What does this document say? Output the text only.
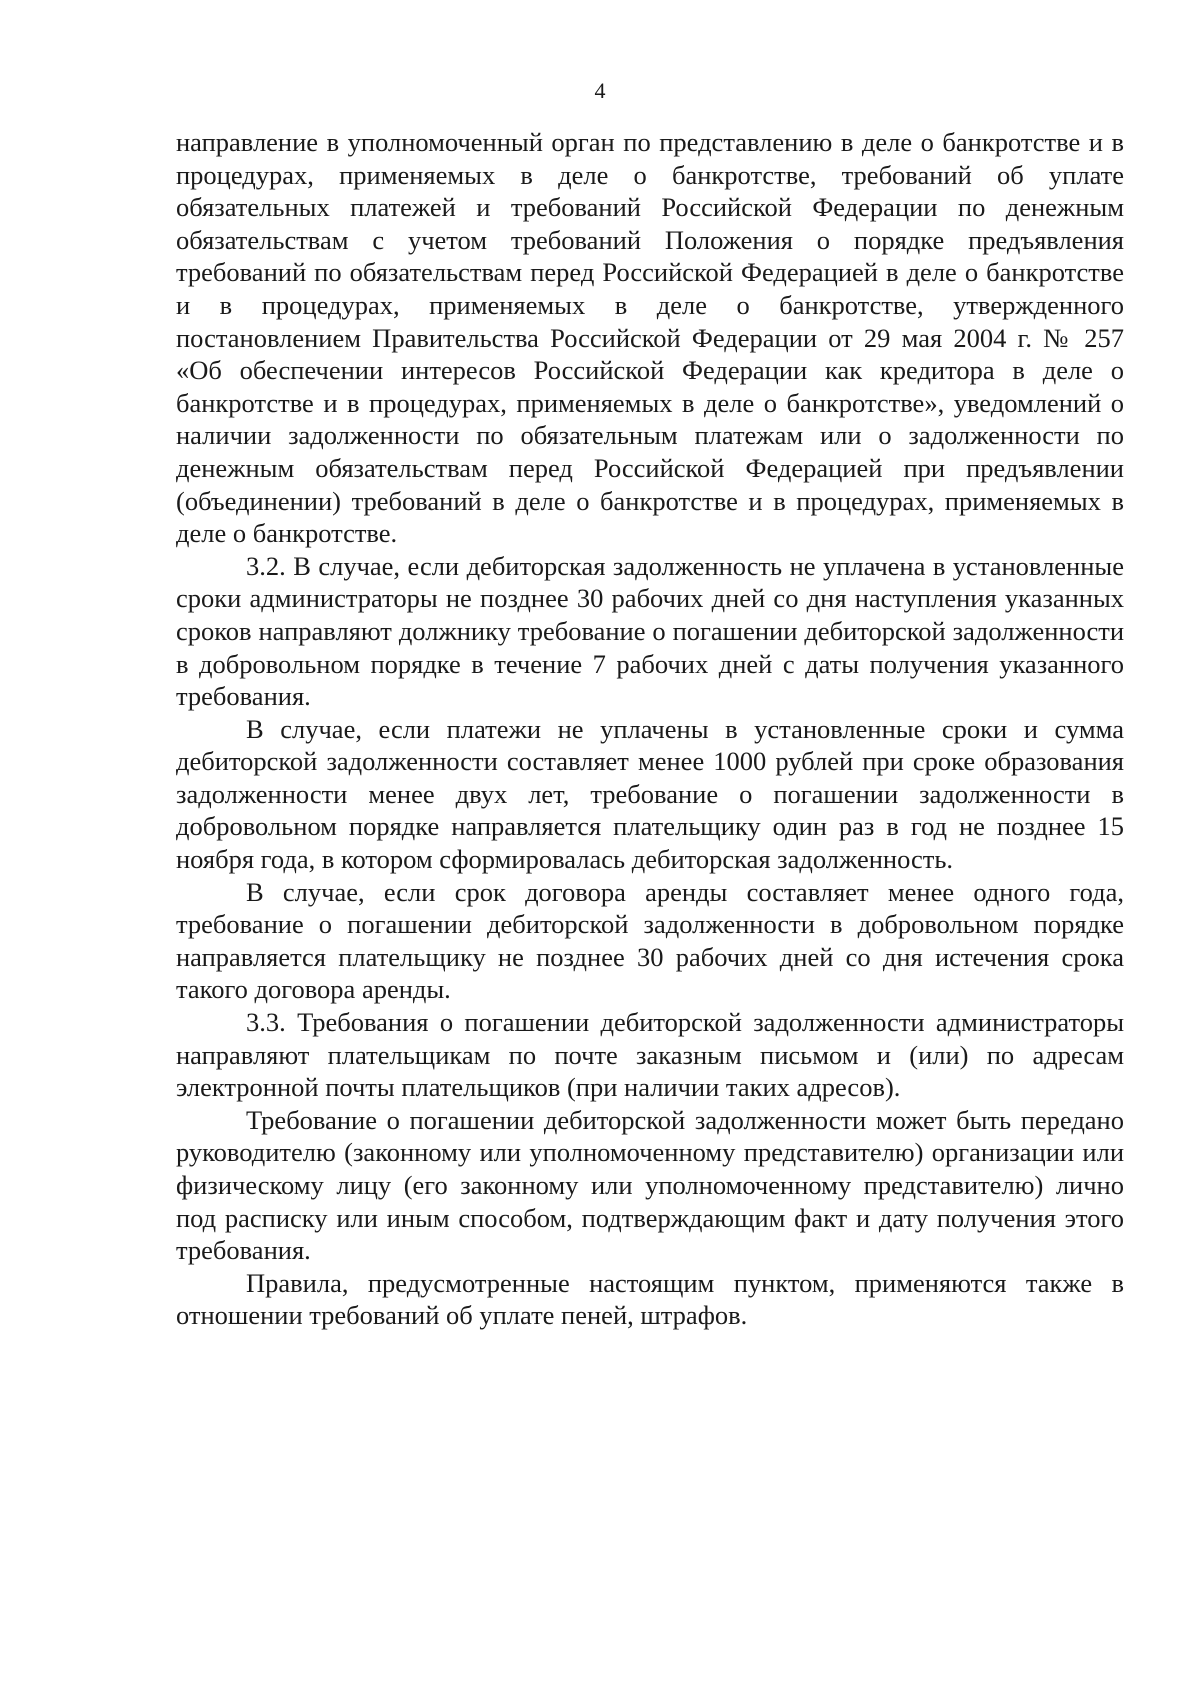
4

направление в уполномоченный орган по представлению в деле о банкротстве и в процедурах, применяемых в деле о банкротстве, требований об уплате обязательных платежей и требований Российской Федерации по денежным обязательствам с учетом требований Положения о порядке предъявления требований по обязательствам перед Российской Федерацией в деле о банкротстве и в процедурах, применяемых в деле о банкротстве, утвержденного постановлением Правительства Российской Федерации от 29 мая 2004 г. № 257 «Об обеспечении интересов Российской Федерации как кредитора в деле о банкротстве и в процедурах, применяемых в деле о банкротстве», уведомлений о наличии задолженности по обязательным платежам или о задолженности по денежным обязательствам перед Российской Федерацией при предъявлении (объединении) требований в деле о банкротстве и в процедурах, применяемых в деле о банкротстве.

3.2. В случае, если дебиторская задолженность не уплачена в установленные сроки администраторы не позднее 30 рабочих дней со дня наступления указанных сроков направляют должнику требование о погашении дебиторской задолженности в добровольном порядке в течение 7 рабочих дней с даты получения указанного требования.

В случае, если платежи не уплачены в установленные сроки и сумма дебиторской задолженности составляет менее 1000 рублей при сроке образования задолженности менее двух лет, требование о погашении задолженности в добровольном порядке направляется плательщику один раз в год не позднее 15 ноября года, в котором сформировалась дебиторская задолженность.

В случае, если срок договора аренды составляет менее одного года, требование о погашении дебиторской задолженности в добровольном порядке направляется плательщику не позднее 30 рабочих дней со дня истечения срока такого договора аренды.

3.3. Требования о погашении дебиторской задолженности администраторы направляют плательщикам по почте заказным письмом и (или) по адресам электронной почты плательщиков (при наличии таких адресов).

Требование о погашении дебиторской задолженности может быть передано руководителю (законному или уполномоченному представителю) организации или физическому лицу (его законному или уполномоченному представителю) лично под расписку или иным способом, подтверждающим факт и дату получения этого требования.

Правила, предусмотренные настоящим пунктом, применяются также в отношении требований об уплате пеней, штрафов.
